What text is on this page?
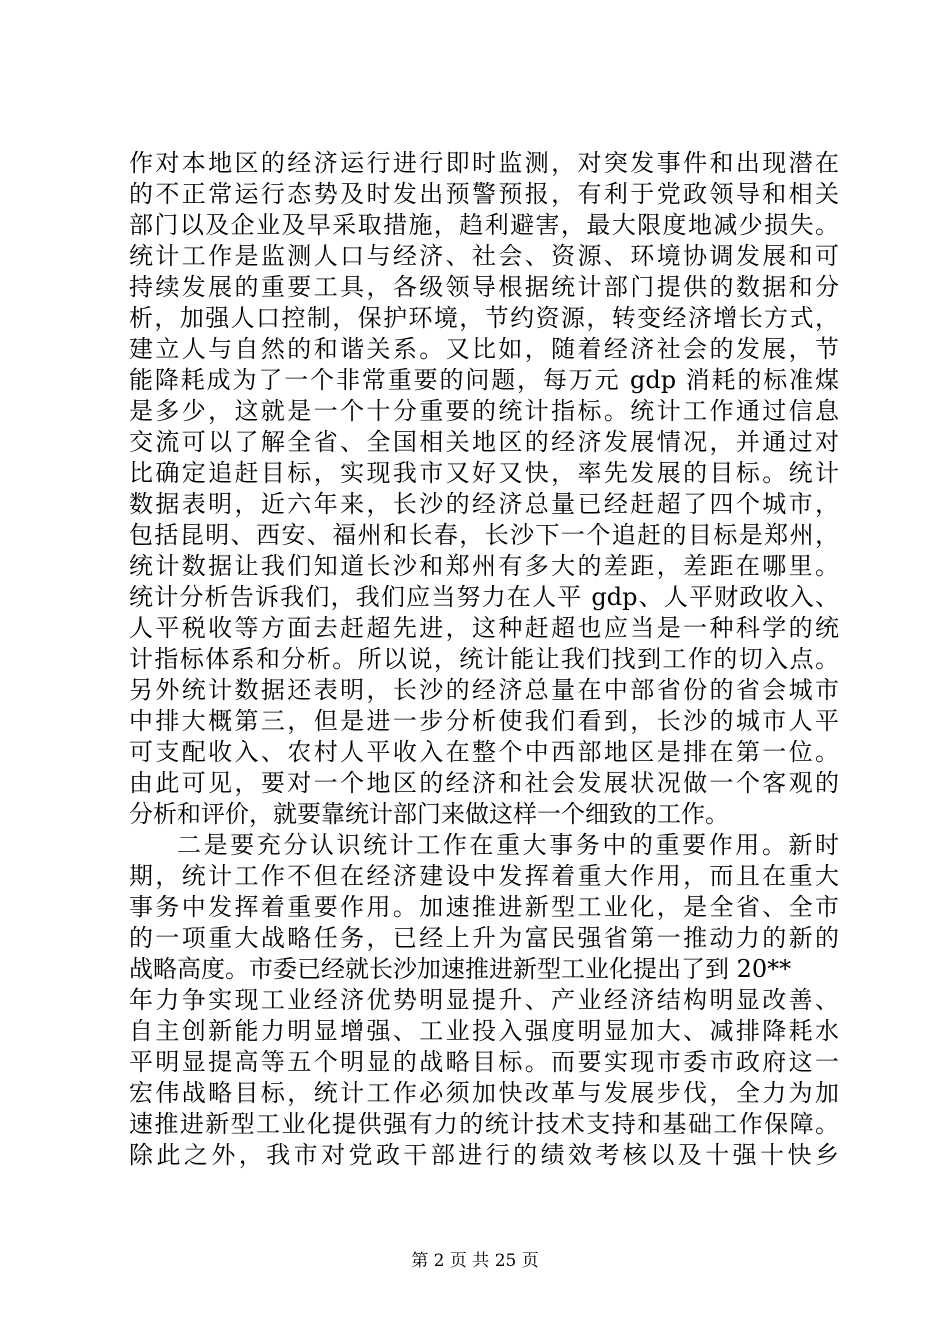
作对本地区的经济运行进行即时监测，对突发事件和出现潜在
的不正常运行态势及时发出预警预报，有利于党政领导和相关
部门以及企业及早采取措施，趋利避害，最大限度地减少损失。
统计工作是监测人口与经济、社会、资源、环境协调发展和可
持续发展的重要工具，各级领导根据统计部门提供的数据和分
析，加强人口控制，保护环境，节约资源，转变经济增长方式，
建立人与自然的和谐关系。又比如，随着经济社会的发展，节
能降耗成为了一个非常重要的问题，每万元 gdp 消耗的标准煤
是多少，这就是一个十分重要的统计指标。统计工作通过信息
交流可以了解全省、全国相关地区的经济发展情况，并通过对
比确定追赶目标，实现我市又好又快，率先发展的目标。统计
数据表明，近六年来，长沙的经济总量已经赶超了四个城市，
包括昆明、西安、福州和长春，长沙下一个追赶的目标是郑州，
统计数据让我们知道长沙和郑州有多大的差距，差距在哪里。
统计分析告诉我们，我们应当努力在人平 gdp、人平财政收入、
人平税收等方面去赶超先进，这种赶超也应当是一种科学的统
计指标体系和分析。所以说，统计能让我们找到工作的切入点。
另外统计数据还表明，长沙的经济总量在中部省份的省会城市
中排大概第三，但是进一步分析使我们看到，长沙的城市人平
可支配收入、农村人平收入在整个中西部地区是排在第一位。
由此可见，要对一个地区的经济和社会发展状况做一个客观的
分析和评价，就要靠统计部门来做这样一个细致的工作。
二是要充分认识统计工作在重大事务中的重要作用。新时
期，统计工作不但在经济建设中发挥着重大作用，而且在重大
事务中发挥着重要作用。加速推进新型工业化，是全省、全市
的一项重大战略任务，已经上升为富民强省第一推动力的新的
战略高度。市委已经就长沙加速推进新型工业化提出了到 20**
年力争实现工业经济优势明显提升、产业经济结构明显改善、
自主创新能力明显增强、工业投入强度明显加大、减排降耗水
平明显提高等五个明显的战略目标。而要实现市委市政府这一
宏伟战略目标，统计工作必须加快改革与发展步伐，全力为加
速推进新型工业化提供强有力的统计技术支持和基础工作保障。
除此之外，我市对党政干部进行的绩效考核以及十强十快乡
第 2 页 共 25 页
